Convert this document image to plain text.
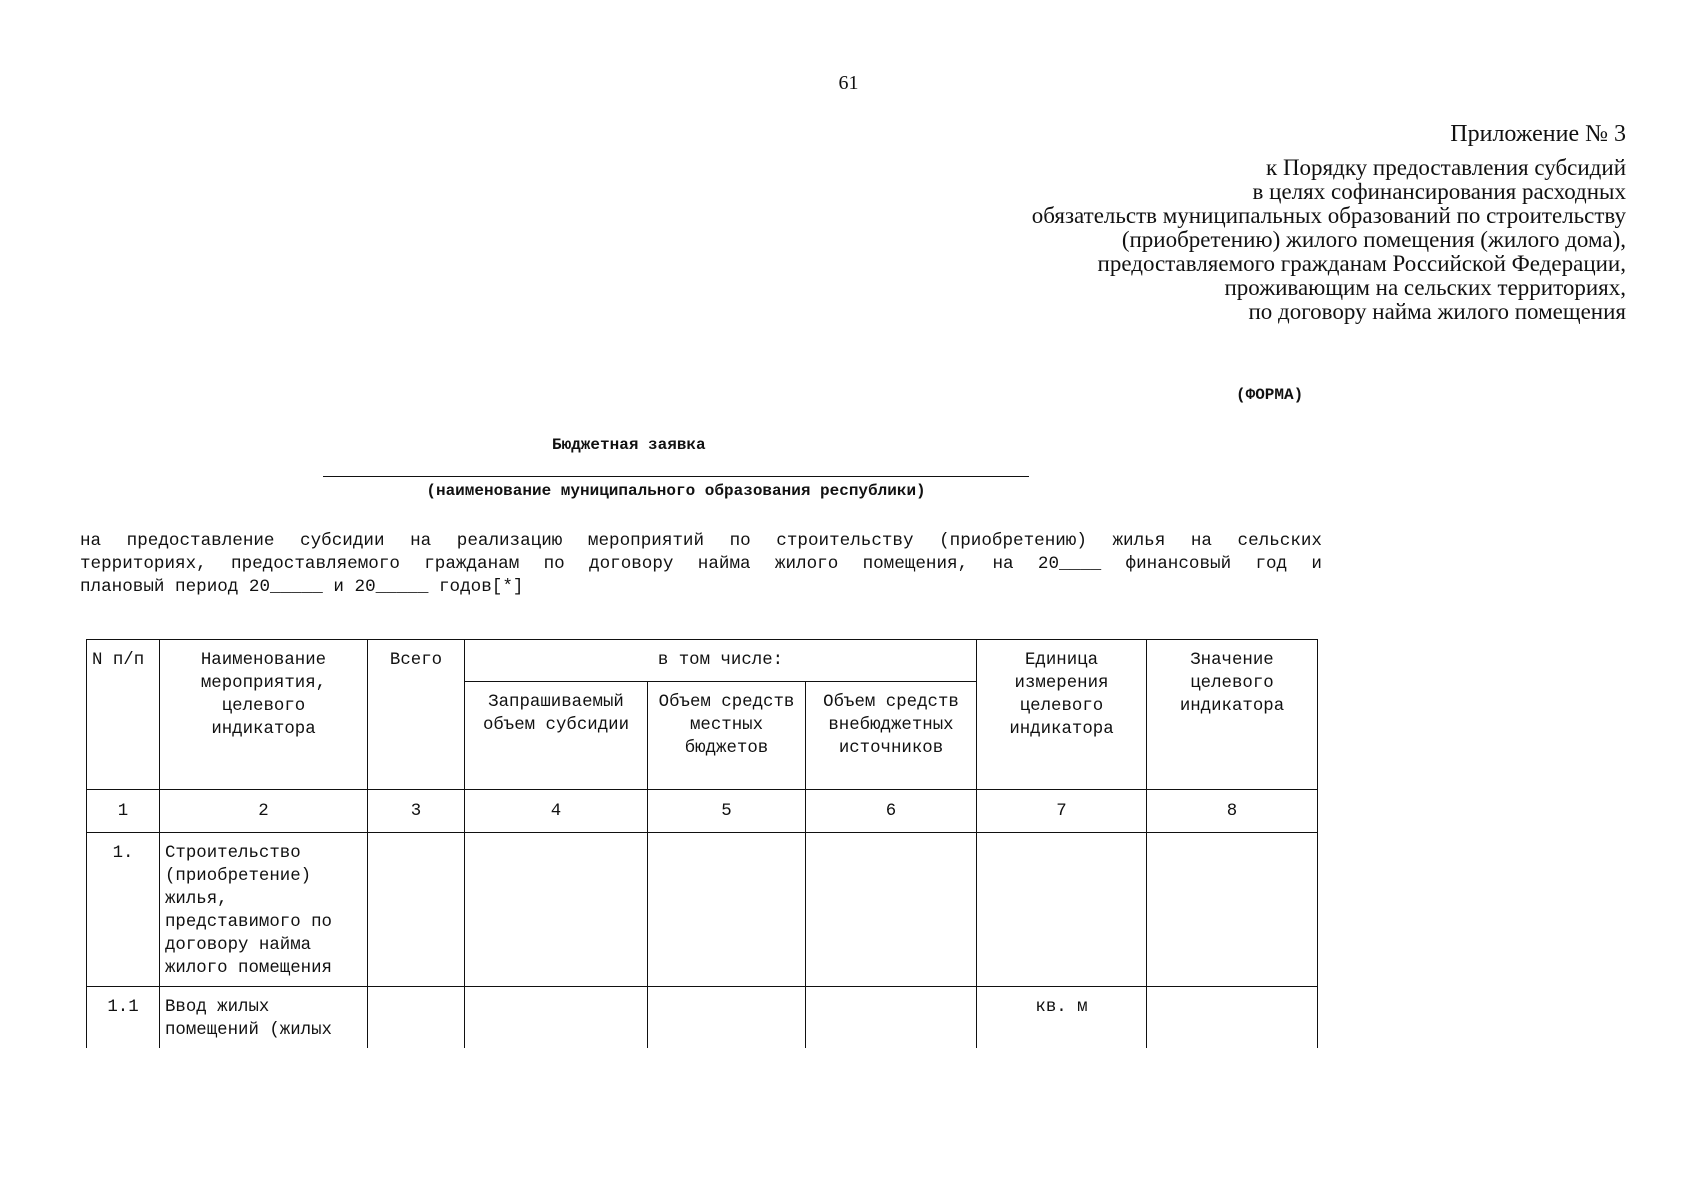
61
Приложение № 3
к Порядку предоставления субсидий
в целях софинансирования расходных
обязательств муниципальных образований по строительству
(приобретению) жилого помещения (жилого дома),
предоставляемого гражданам Российской Федерации,
проживающим на сельских территориях,
по договору найма жилого помещения
(ФОРМА)
Бюджетная заявка
(наименование муниципального образования республики)
на предоставление субсидии на реализацию мероприятий по строительству (приобретению) жилья на сельских
территориях, предоставляемого гражданам по договору найма жилого помещения, на 20____ финансовый год и
плановый период 20_____ и 20_____ годов[*]
N п/п	Наименование мероприятия, целевого индикатора	Всего	в том числе:			Единица измерения целевого индикатора	Значение целевого индикатора
			Запрашиваемый объем субсидии	Объем средств местных бюджетов	Объем средств внебюджетных источников		
1	2	3	4	5	6	7	8
1.	Строительство (приобретение) жилья, представимого по договору найма жилого помещения						
1.1	Ввод жилых помещений (жилых					кв. м	
